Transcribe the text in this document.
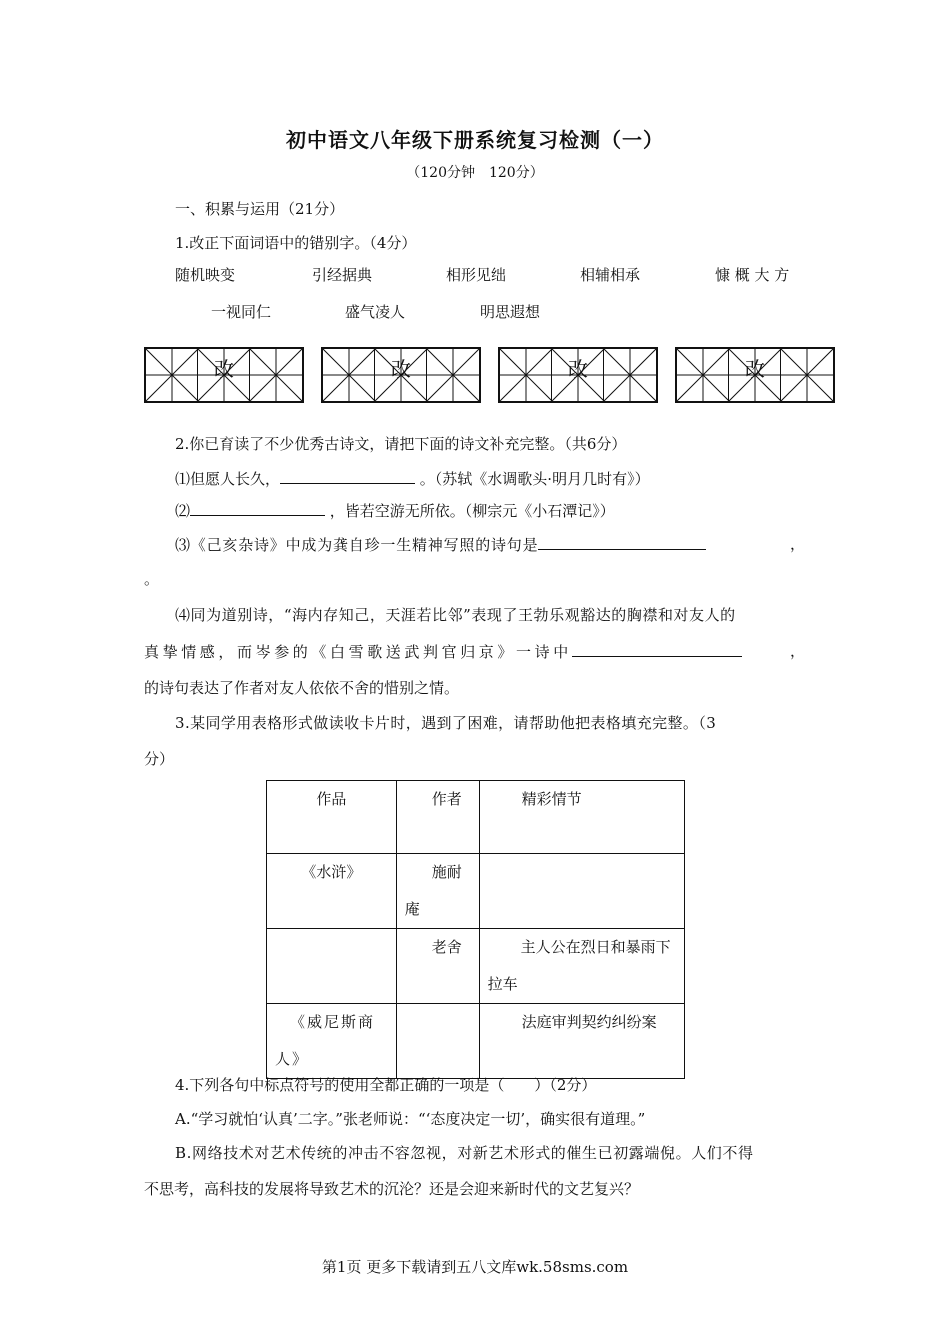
初中语文八年级下册系统复习检测（一）
（120分钟　120分）
一、积累与运用（21分）
1.改正下面词语中的错别字。（4分）
随机映变	引经据典	相形见绌	相辅相承	慷 概 大 方
一视同仁	盛气凌人	明思遐想
改	改	改	改
2.你已育读了不少优秀古诗文，请把下面的诗文补充完整。（共6分）
⑴但愿人长久，	。（苏轼《水调歌头·明月几时有》）
⑵	，皆若空游无所依。（柳宗元《小石潭记》）
⑶《己亥杂诗》中成为龚自珍一生精神写照的诗句是	，
。
⑷同为道别诗，“海内存知己，天涯若比邻”表现了王勃乐观豁达的胸襟和对友人的
真挚情感，而岑参的《白雪歌送武判官归京》一诗中	，
的诗句表达了作者对友人依依不舍的惜别之情。
3.某同学用表格形式做读收卡片时，遇到了困难，请帮助他把表格填充完整。（3
分）
作品	作者	精彩情节
《水浒》	施耐庵	
	老舍	主人公在烈日和暴雨下拉车
《威尼斯商人》		法庭审判契约纠纷案
4.下列各句中标点符号的使用全都正确的一项是（　　）（2分）
A.“学习就怕‘认真’二字。”张老师说：“‘态度决定一切’，确实很有道理。”
B.网络技术对艺术传统的冲击不容忽视，对新艺术形式的催生已初露端倪。人们不得
不思考，高科技的发展将导致艺术的沉沦？还是会迎来新时代的文艺复兴？
第1页 更多下载请到五八文库wk.58sms.com
